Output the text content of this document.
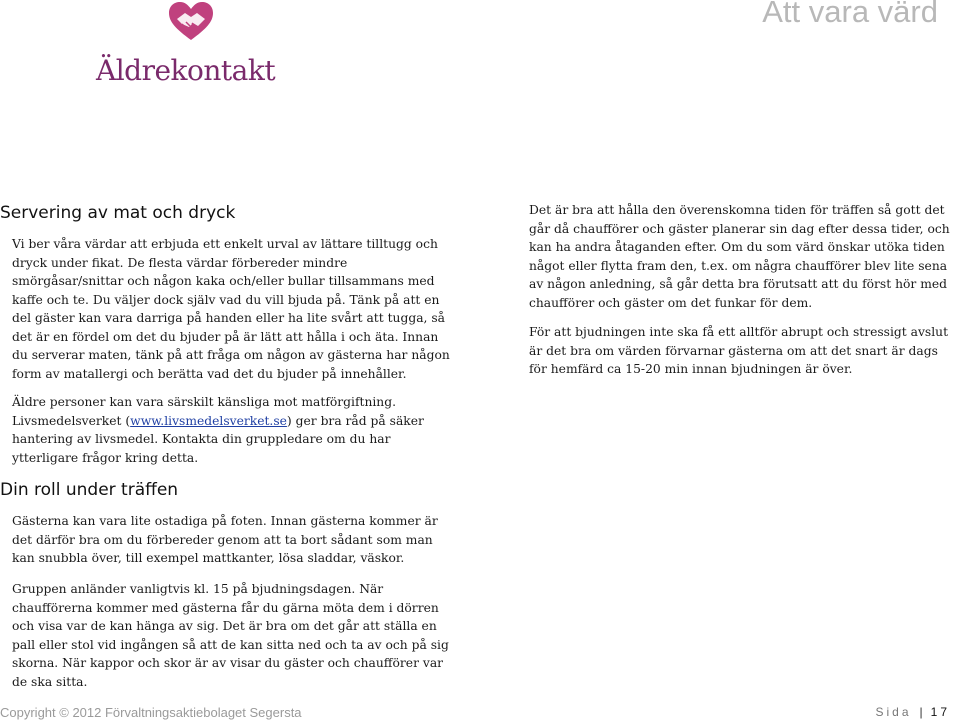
Äldrekontakt
Att vara värd
Servering av mat och dryck

Vi ber våra värdar att erbjuda ett enkelt urval av lättare tilltugg och dryck under fikat. De flesta värdar förbereder mindre smörgåsar/snittar och någon kaka och/eller bullar tillsammans med kaffe och te. Du väljer dock själv vad du vill bjuda på. Tänk på att en del gäster kan vara darriga på handen eller ha lite svårt att tugga, så det är en fördel om det du bjuder på är lätt att hålla i och äta. Innan du serverar maten, tänk på att fråga om någon av gästerna har någon form av matallergi och berätta vad det du bjuder på innehåller.

Äldre personer kan vara särskilt känsliga mot matförgiftning. Livsmedelsverket (www.livsmedelsverket.se) ger bra råd på säker hantering av livsmedel. Kontakta din gruppledare om du har ytterligare frågor kring detta.

Din roll under träffen

Gästerna kan vara lite ostadiga på foten. Innan gästerna kommer är det därför bra om du förbereder genom att ta bort sådant som man kan snubbla över, till exempel mattkanter, lösa sladdar, väskor.

Gruppen anländer vanligtvis kl. 15 på bjudningsdagen. När chaufförerna kommer med gästerna får du gärna möta dem i dörren och visa var de kan hänga av sig. Det är bra om det går att ställa en pall eller stol vid ingången så att de kan sitta ned och ta av och på sig skorna. När kappor och skor är av visar du gäster och chaufförer var de ska sitta.

Det är bra att hålla den överenskomna tiden för träffen så gott det går då chaufförer och gäster planerar sin dag efter dessa tider, och kan ha andra åtaganden efter. Om du som värd önskar utöka tiden något eller flytta fram den, t.ex. om några chaufförer blev lite sena av någon anledning, så går detta bra förutsatt att du först hör med chaufförer och gäster om det funkar för dem.

För att bjudningen inte ska få ett alltför abrupt och stressigt avslut är det bra om värden förvarnar gästerna om att det snart är dags för hemfärd ca 15-20 min innan bjudningen är över.

Copyright © 2012 Förvaltningsaktiebolaget Segersta	Sida | 17
